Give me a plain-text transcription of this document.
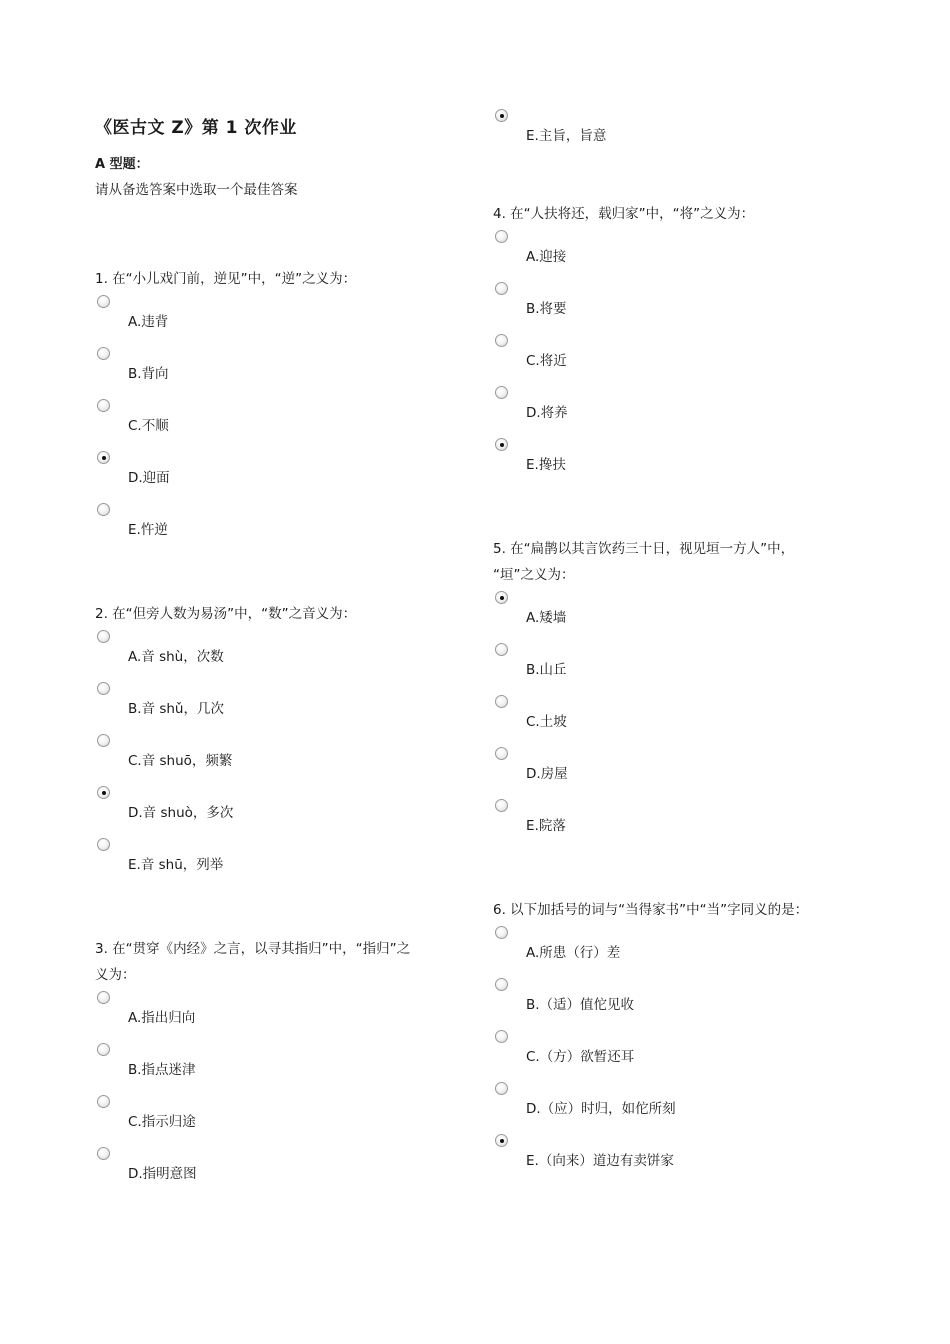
《医古文 Z》第 1 次作业
A 型题：
请从备选答案中选取一个最佳答案
E.主旨，旨意

1. 在“小儿戏门前，逆见”中，“逆”之义为：

A.违背
B.背向
C.不顺
D.迎面
E.忤逆

2. 在“但旁人数为易汤”中，“数”之音义为：

A.音 shù，次数
B.音 shǔ，几次
C.音 shuō，频繁
D.音 shuò，多次
E.音 shū，列举

3. 在“贯穿《内经》之言，以寻其指归”中，“指归”之
义为：

A.指出归向
B.指点迷津
C.指示归途
D.指明意图

4. 在“人扶将还，载归家”中，“将”之义为：

A.迎接
B.将要
C.将近
D.将养
E.搀扶

5. 在“扁鹊以其言饮药三十日，视见垣一方人”中，
“垣”之义为：

A.矮墙
B.山丘
C.土坡
D.房屋
E.院落

6. 以下加括号的词与“当得家书”中“当”字同义的是：

A.所患（行）差
B.（适）值佗见收
C.（方）欲暂还耳
D.（应）时归，如佗所刻
E.（向来）道边有卖饼家
